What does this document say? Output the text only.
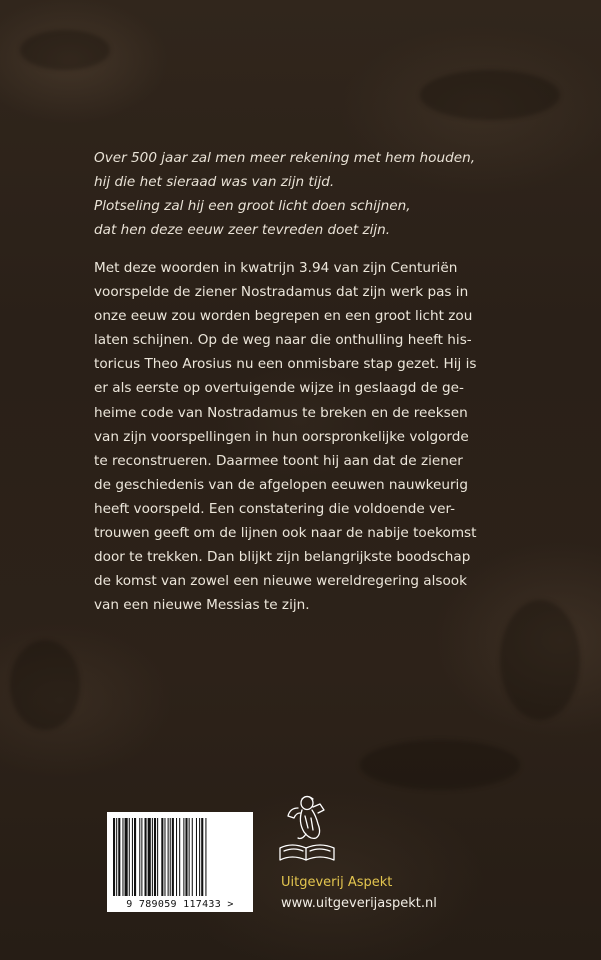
Over 500 jaar zal men meer rekening met hem houden,
hij die het sieraad was van zijn tijd.
Plotseling zal hij een groot licht doen schijnen,
dat hen deze eeuw zeer tevreden doet zijn.
Met deze woorden in kwatrijn 3.94 van zijn Centuriën
voorspelde de ziener Nostradamus dat zijn werk pas in
onze eeuw zou worden begrepen en een groot licht zou
laten schijnen. Op de weg naar die onthulling heeft his-
toricus Theo Arosius nu een onmisbare stap gezet. Hij is
er als eerste op overtuigende wijze in geslaagd de ge-
heime code van Nostradamus te breken en de reeksen
van zijn voorspellingen in hun oorspronkelijke volgorde
te reconstrueren. Daarmee toont hij aan dat de ziener
de geschiedenis van de afgelopen eeuwen nauwkeurig
heeft voorspeld. Een constatering die voldoende ver-
trouwen geeft om de lijnen ook naar de nabije toekomst
door te trekken. Dan blijkt zijn belangrijkste boodschap
de komst van zowel een nieuwe wereldregering alsook
van een nieuwe Messias te zijn.
9 789059 117433 >
Uitgeverij Aspekt
www.uitgeverijaspekt.nl
